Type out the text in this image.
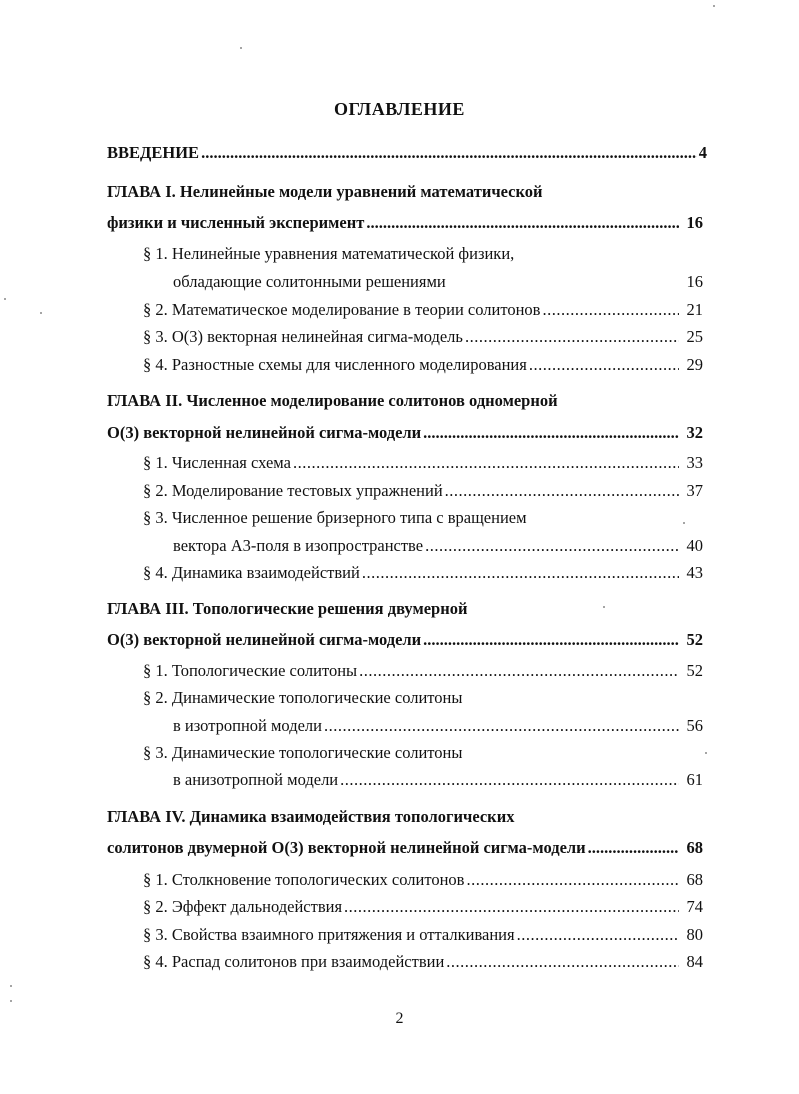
ОГЛАВЛЕНИЕ
ВВЕДЕНИЕ .....	4
ГЛАВА I. Нелинейные модели уравнений математической
физики и численный эксперимент .....	16
§ 1. Нелинейные уравнения математической физики,
обладающие солитонными решениями	16
§ 2. Математическое моделирование в теории солитонов .....	21
§ 3. O(3) векторная нелинейная сигма-модель .....	25
§ 4. Разностные схемы для численного моделирования .....	29
ГЛАВА II. Численное моделирование солитонов одномерной
O(3) векторной нелинейной сигма-модели .....	32
§ 1. Численная схема .....	33
§ 2. Моделирование тестовых упражнений .....	37
§ 3. Численное решение бризерного типа с вращением
вектора А3-поля в изопространстве .....	40
§ 4. Динамика взаимодействий .....	43
ГЛАВА III. Топологические решения двумерной
O(3) векторной нелинейной сигма-модели .....	52
§ 1. Топологические солитоны .....	52
§ 2. Динамические топологические солитоны
в изотропной модели .....	56
§ 3. Динамические топологические солитоны
в анизотропной модели .....	61
ГЛАВА IV. Динамика взаимодействия топологических
солитонов двумерной O(3) векторной нелинейной сигма-модели .....	68
§ 1. Столкновение топологических солитонов .....	68
§ 2. Эффект дальнодействия .....	74
§ 3. Свойства взаимного притяжения и отталкивания .....	80
§ 4. Распад солитонов при взаимодействии .....	84
2
